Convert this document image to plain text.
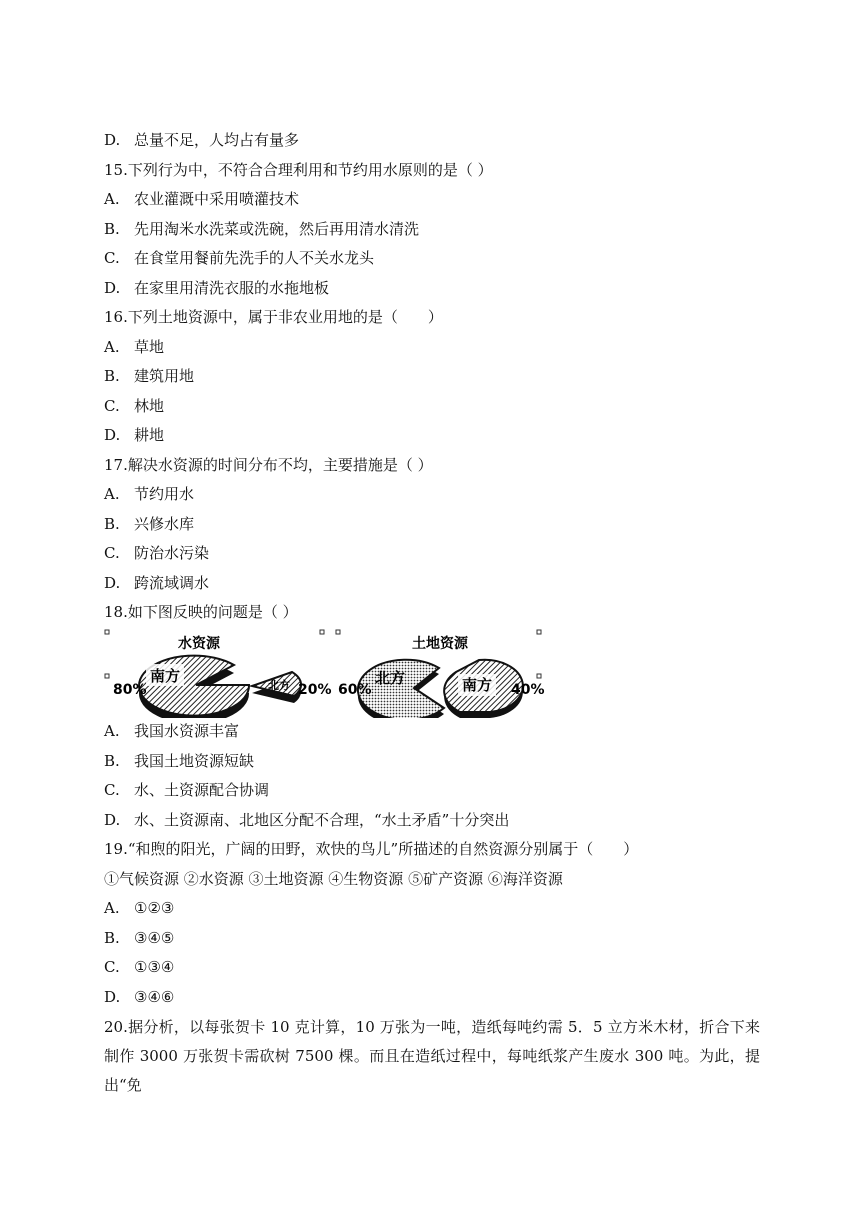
D. 总量不足，人均占有量多
15.下列行为中，不符合合理利用和节约用水原则的是（ ）
A. 农业灌溉中采用喷灌技术
B. 先用淘米水洗菜或洗碗，然后再用清水清洗
C. 在食堂用餐前先洗手的人不关水龙头
D. 在家里用清洗衣服的水拖地板
16.下列土地资源中，属于非农业用地的是（　　）
A. 草地
B. 建筑用地
C. 林地
D. 耕地
17.解决水资源的时间分布不均，主要措施是（ ）
A. 节约用水
B. 兴修水库
C. 防治水污染
D. 跨流域调水
18.如下图反映的问题是（ ）
水资源
南方
北方
80%	20%
土地资源
北方	南方
60%	40%
A. 我国水资源丰富
B. 我国土地资源短缺
C. 水、土资源配合协调
D. 水、土资源南、北地区分配不合理，“水土矛盾”十分突出
19.“和煦的阳光，广阔的田野，欢快的鸟儿”所描述的自然资源分别属于（　　）
①气候资源 ②水资源 ③土地资源 ④生物资源 ⑤矿产资源 ⑥海洋资源
A. ①②③
B. ③④⑤
C. ①③④
D. ③④⑥
20.据分析，以每张贺卡 10 克计算，10 万张为一吨，造纸每吨约需 5．5 立方米木材，折合下来制作 3000 万张贺卡需砍树 7500 棵。而且在造纸过程中，每吨纸浆产生废水 300 吨。为此，提出“免
